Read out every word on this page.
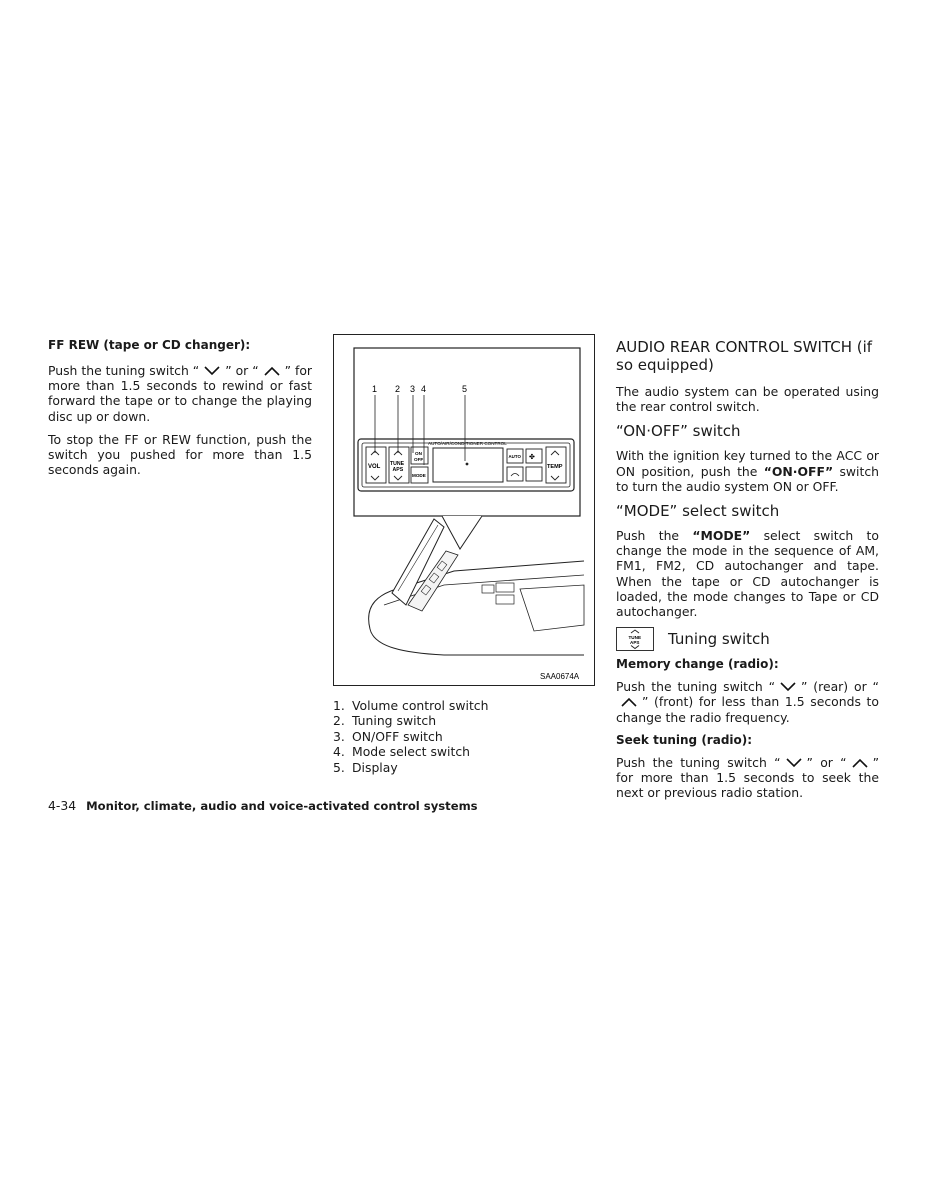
FF REW (tape or CD changer):

Push the tuning switch “ ” or “ ” for more than 1.5 seconds to rewind or fast forward the tape or to change the playing disc up or down.

To stop the FF or REW function, push the switch you pushed for more than 1.5 seconds again.

1 2 3 4	5
AUTO/AIR/CONDITIONER CONTROL
VOL TUNE
APS
ON
OFF
MODE
AUTO ✤
TEMP
SAA0674A
1. Volume control switch
2. Tuning switch
3. ON/OFF switch
4. Mode select switch
5. Display
AUDIO REAR CONTROL SWITCH (if so equipped)

The audio system can be operated using the rear control switch.

“ON·OFF” switch

With the ignition key turned to the ACC or ON position, push the “ON·OFF” switch to turn the audio system ON or OFF.

“MODE” select switch

Push the “MODE” select switch to change the mode in the sequence of AM, FM1, FM2, CD autochanger and tape. When the tape or CD autochanger is loaded, the mode changes to Tape or CD autochanger.

TUNE
APS Tuning switch
Memory change (radio):

Push the tuning switch “ ” (rear) or “
” (front) for less than 1.5 seconds to change the radio frequency.

Seek tuning (radio):

Push the tuning switch “ ” or “ ” for more than 1.5 seconds to seek the next or previous radio station.

4-34 Monitor, climate, audio and voice-activated control systems
